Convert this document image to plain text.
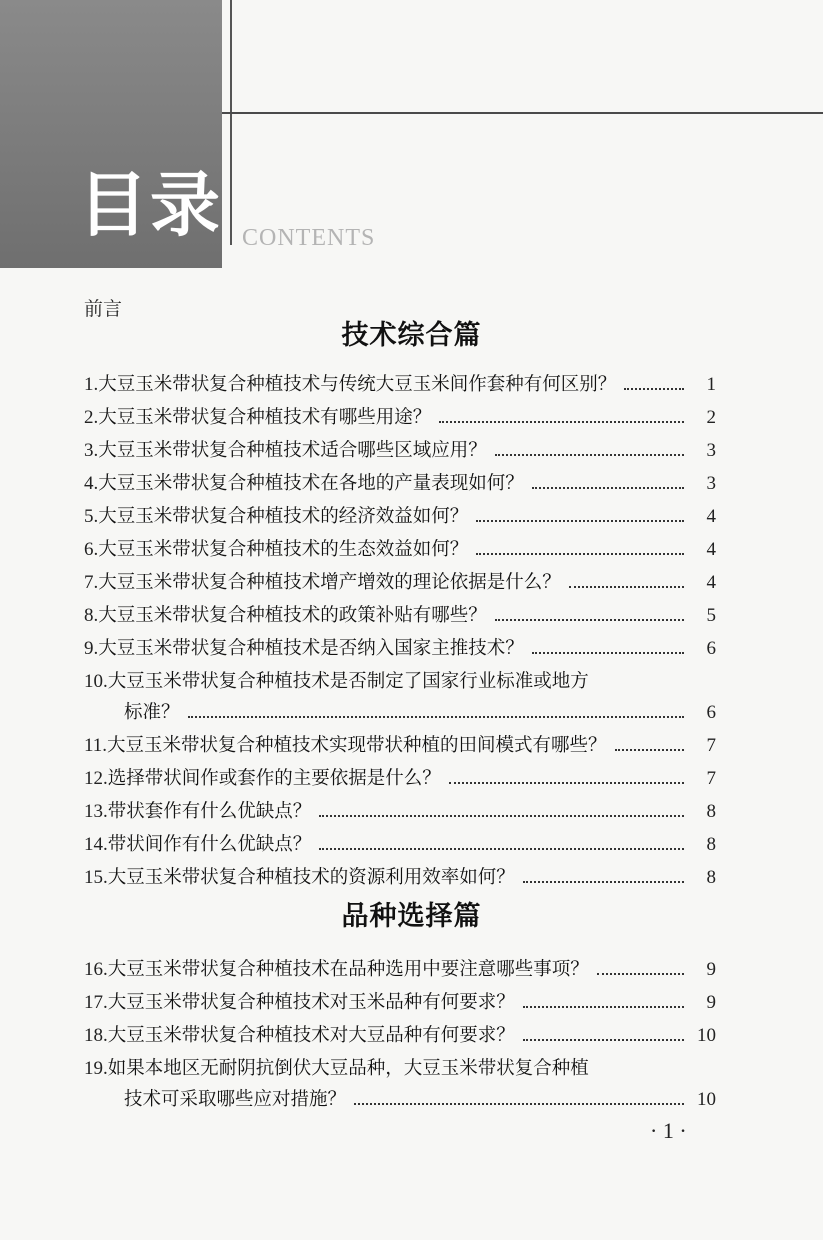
目录 CONTENTS
前言
技术综合篇
1. 大豆玉米带状复合种植技术与传统大豆玉米间作套种有何区别？	1
2. 大豆玉米带状复合种植技术有哪些用途？	2
3. 大豆玉米带状复合种植技术适合哪些区域应用？	3
4. 大豆玉米带状复合种植技术在各地的产量表现如何？	3
5. 大豆玉米带状复合种植技术的经济效益如何？	4
6. 大豆玉米带状复合种植技术的生态效益如何？	4
7. 大豆玉米带状复合种植技术增产增效的理论依据是什么？	4
8. 大豆玉米带状复合种植技术的政策补贴有哪些？	5
9. 大豆玉米带状复合种植技术是否纳入国家主推技术？	6
10. 大豆玉米带状复合种植技术是否制定了国家行业标准或地方
标准？	6
11. 大豆玉米带状复合种植技术实现带状种植的田间模式有哪些？	7
12. 选择带状间作或套作的主要依据是什么？	7
13. 带状套作有什么优缺点？	8
14. 带状间作有什么优缺点？	8
15. 大豆玉米带状复合种植技术的资源利用效率如何？	8
品种选择篇
16. 大豆玉米带状复合种植技术在品种选用中要注意哪些事项？	9
17. 大豆玉米带状复合种植技术对玉米品种有何要求？	9
18. 大豆玉米带状复合种植技术对大豆品种有何要求？	10
19. 如果本地区无耐阴抗倒伏大豆品种，大豆玉米带状复合种植
技术可采取哪些应对措施？	10
· 1 ·
